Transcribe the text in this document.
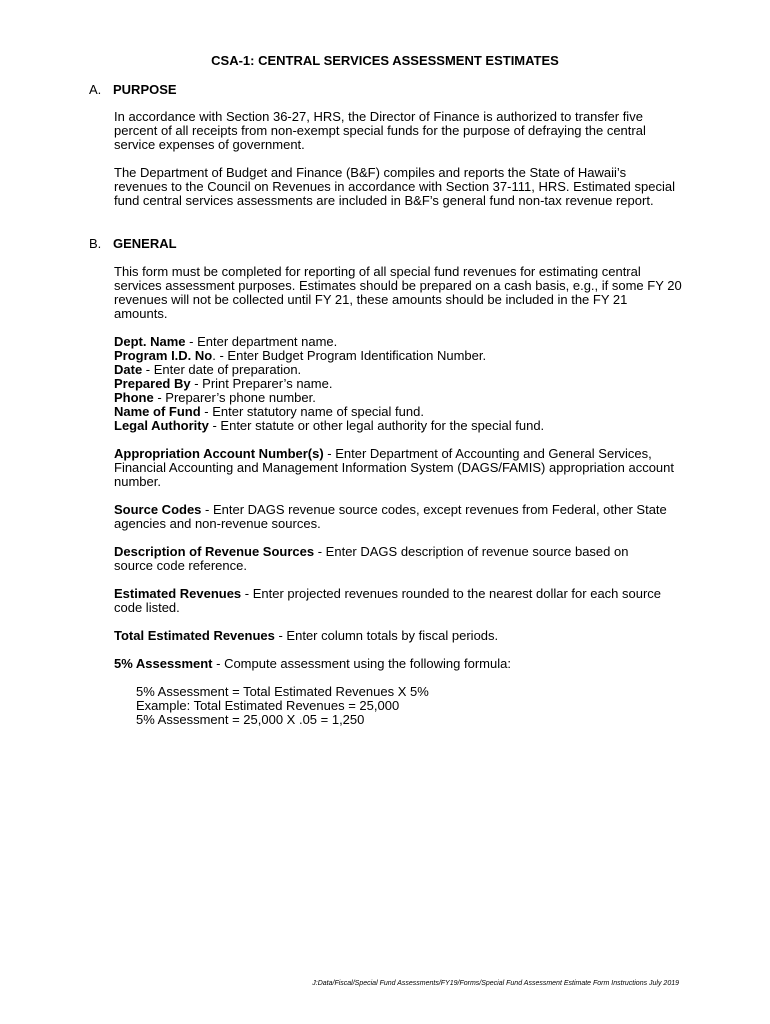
CSA-1: CENTRAL SERVICES ASSESSMENT ESTIMATES
A. PURPOSE

In accordance with Section 36-27, HRS, the Director of Finance is authorized to transfer five percent of all receipts from non-exempt special funds for the purpose of defraying the central service expenses of government.

The Department of Budget and Finance (B&F) compiles and reports the State of Hawaii’s revenues to the Council on Revenues in accordance with Section 37-111, HRS. Estimated special fund central services assessments are included in B&F’s general fund non-tax revenue report.

B. GENERAL

This form must be completed for reporting of all special fund revenues for estimating central services assessment purposes. Estimates should be prepared on a cash basis, e.g., if some FY 20 revenues will not be collected until FY 21, these amounts should be included in the FY 21 amounts.

Dept. Name - Enter department name.
Program I.D. No. - Enter Budget Program Identification Number.
Date - Enter date of preparation.
Prepared By - Print Preparer’s name.
Phone - Preparer’s phone number.
Name of Fund - Enter statutory name of special fund.
Legal Authority - Enter statute or other legal authority for the special fund.

Appropriation Account Number(s) - Enter Department of Accounting and General Services, Financial Accounting and Management Information System (DAGS/FAMIS) appropriation account number.

Source Codes - Enter DAGS revenue source codes, except revenues from Federal, other State agencies and non-revenue sources.

Description of Revenue Sources - Enter DAGS description of revenue source based on source code reference.

Estimated Revenues - Enter projected revenues rounded to the nearest dollar for each source code listed.

Total Estimated Revenues - Enter column totals by fiscal periods.

5% Assessment - Compute assessment using the following formula:

5% Assessment = Total Estimated Revenues X 5%
Example: Total Estimated Revenues = 25,000
5% Assessment = 25,000 X .05 = 1,250
J:Data/Fiscal/Special Fund Assessments/FY19/Forms/Special Fund Assessment Estimate Form Instructions July 2019
